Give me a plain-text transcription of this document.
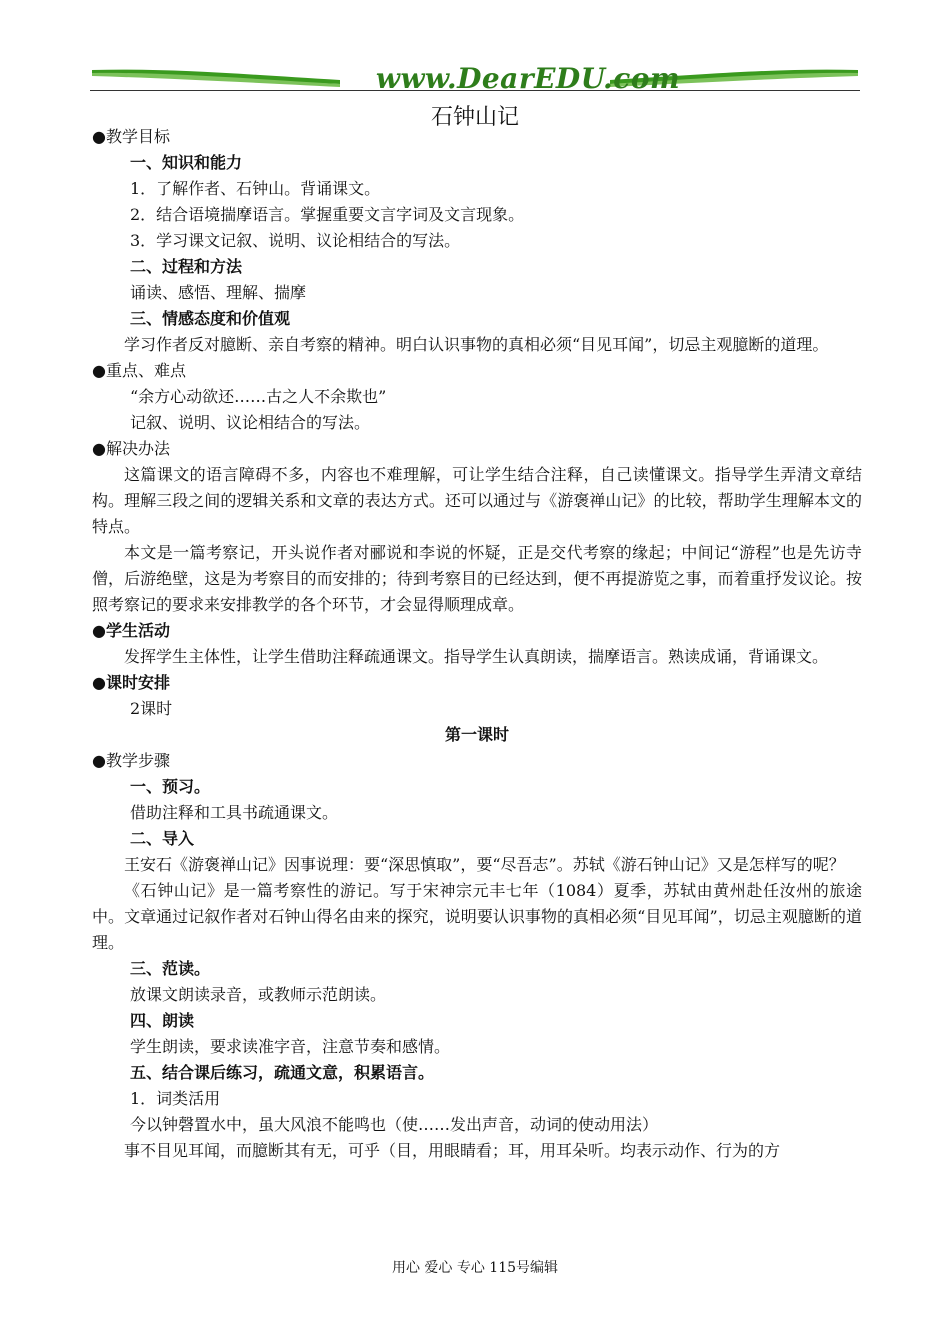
www.DearEDU.com
石钟山记
●教学目标
一、知识和能力
1．了解作者、石钟山。背诵课文。
2．结合语境揣摩语言。掌握重要文言字词及文言现象。
3．学习课文记叙、说明、议论相结合的写法。
二、过程和方法
诵读、感悟、理解、揣摩
三、情感态度和价值观
学习作者反对臆断、亲自考察的精神。明白认识事物的真相必须“目见耳闻”，切忌主观臆断的道理。
●重点、难点
“余方心动欲还……古之人不余欺也”
记叙、说明、议论相结合的写法。
●解决办法
这篇课文的语言障碍不多，内容也不难理解，可让学生结合注释，自己读懂课文。指导学生弄清文章结构。理解三段之间的逻辑关系和文章的表达方式。还可以通过与《游褒禅山记》的比较，帮助学生理解本文的特点。
本文是一篇考察记，开头说作者对郦说和李说的怀疑，正是交代考察的缘起；中间记“游程”也是先访寺僧，后游绝壁，这是为考察目的而安排的；待到考察目的已经达到，便不再提游览之事，而着重抒发议论。按照考察记的要求来安排教学的各个环节，才会显得顺理成章。
●学生活动
发挥学生主体性，让学生借助注释疏通课文。指导学生认真朗读，揣摩语言。熟读成诵，背诵课文。
●课时安排
2课时
第一课时
●教学步骤
一、预习。
借助注释和工具书疏通课文。
二、导入
王安石《游褒禅山记》因事说理：要“深思慎取”，要“尽吾志”。苏轼《游石钟山记》又是怎样写的呢？
《石钟山记》是一篇考察性的游记。写于宋神宗元丰七年（1084）夏季，苏轼由黄州赴任汝州的旅途中。文章通过记叙作者对石钟山得名由来的探究，说明要认识事物的真相必须“目见耳闻”，切忌主观臆断的道理。
三、范读。
放课文朗读录音，或教师示范朗读。
四、朗读
学生朗读，要求读准字音，注意节奏和感情。
五、结合课后练习，疏通文意，积累语言。
1．词类活用
今以钟磬置水中，虽大风浪不能鸣也（使……发出声音，动词的使动用法）
事不目见耳闻，而臆断其有无，可乎（目，用眼睛看；耳，用耳朵听。均表示动作、行为的方
用心 爱心 专心 115号编辑
